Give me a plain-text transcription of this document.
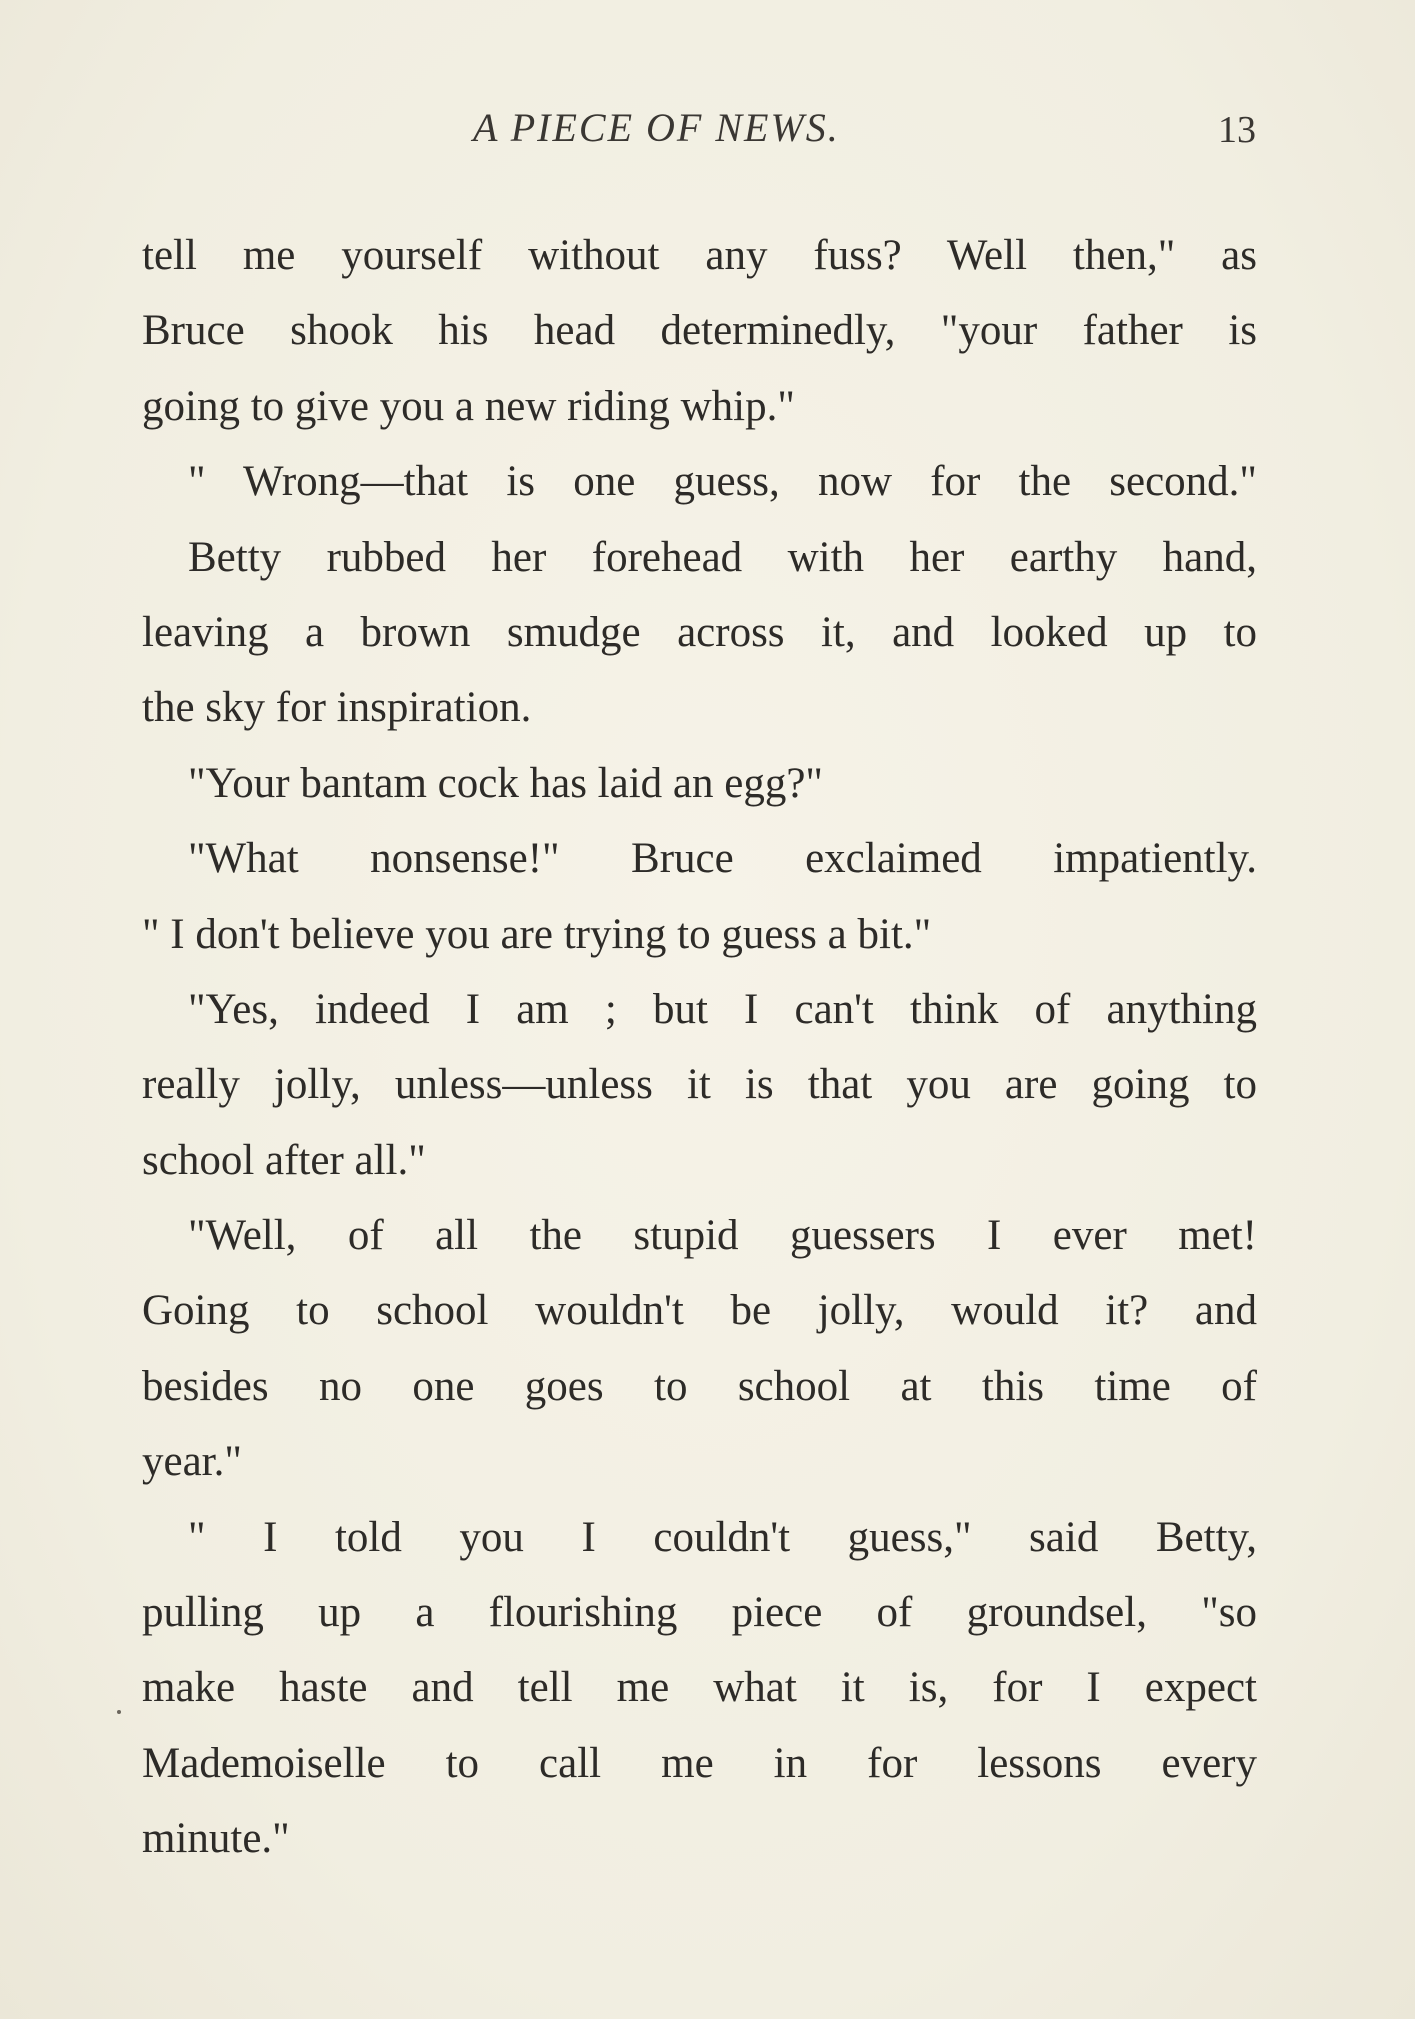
A PIECE OF NEWS.	13
tell me yourself without any fuss? Well then," as
Bruce shook his head determinedly, "your father is
going to give you a new riding whip."
" Wrong—that is one guess, now for the second."
Betty rubbed her forehead with her earthy hand,
leaving a brown smudge across it, and looked up to
the sky for inspiration.
"Your bantam cock has laid an egg?"
"What nonsense!" Bruce exclaimed impatiently.
" I don't believe you are trying to guess a bit."
"Yes, indeed I am ; but I can't think of anything
really jolly, unless—unless it is that you are going to
school after all."
"Well, of all the stupid guessers I ever met!
Going to school wouldn't be jolly, would it? and
besides no one goes to school at this time of
year."
" I told you I couldn't guess," said Betty,
pulling up a flourishing piece of groundsel, "so
make haste and tell me what it is, for I expect
Mademoiselle to call me in for lessons every
minute."
